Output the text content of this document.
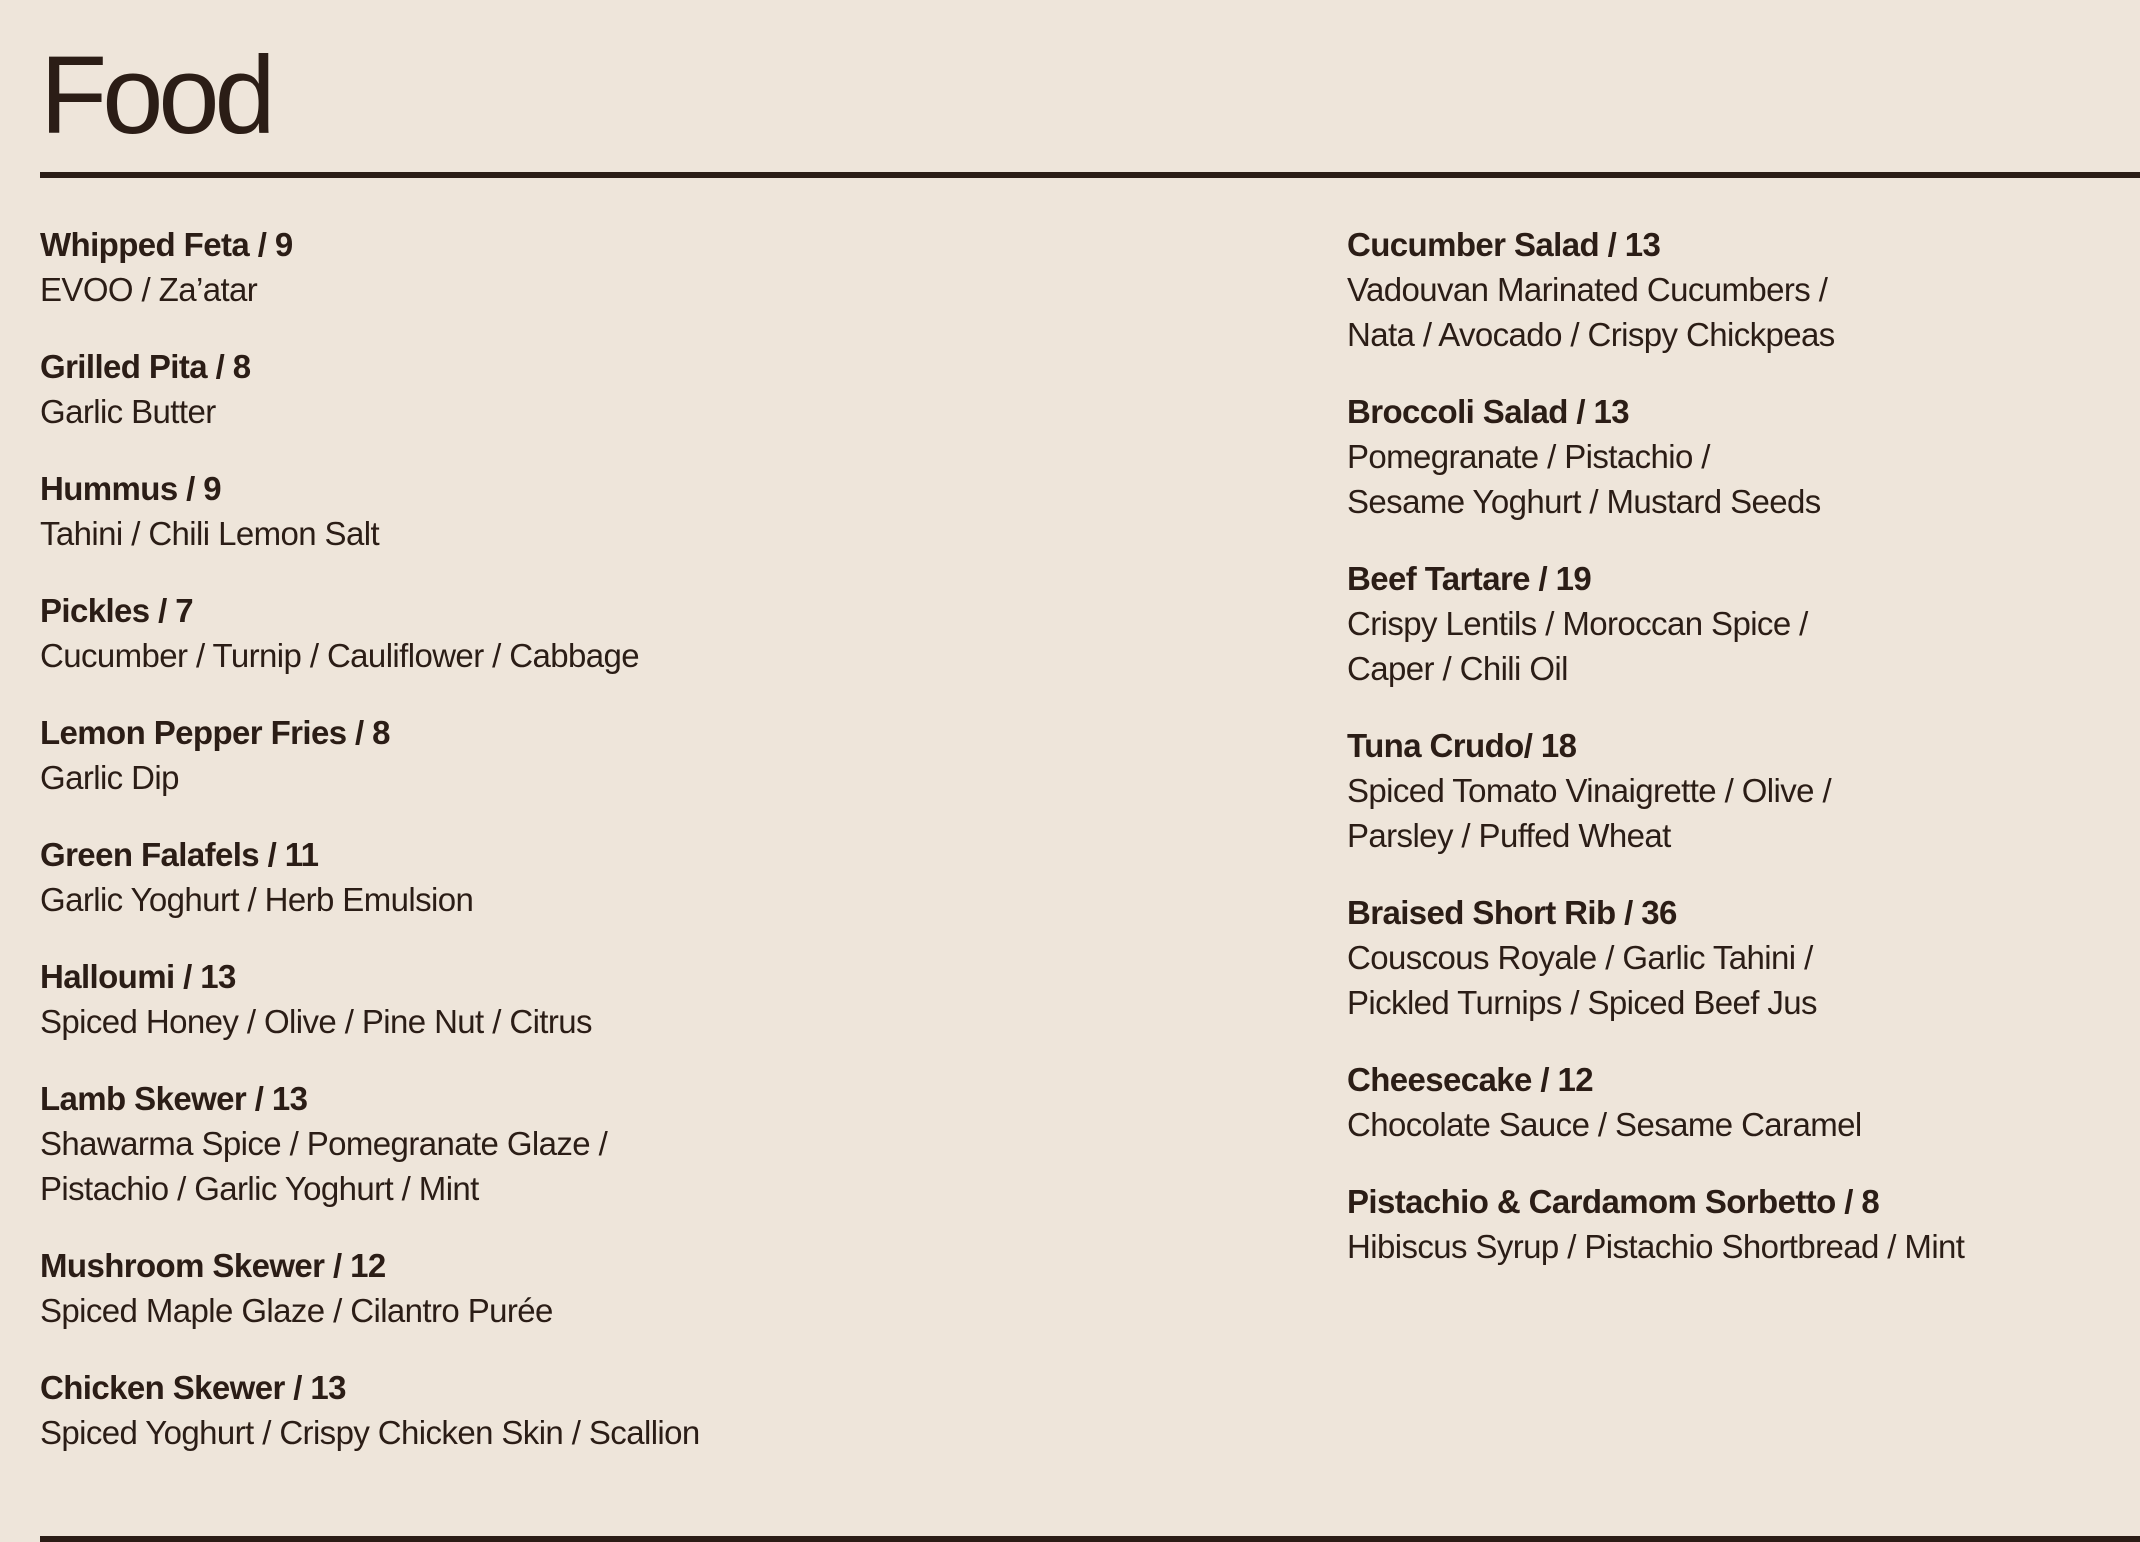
Food
Whipped Feta / 9
EVOO / Za’atar
Grilled Pita / 8
Garlic Butter
Hummus / 9
Tahini / Chili Lemon Salt
Pickles / 7
Cucumber / Turnip / Cauliflower / Cabbage
Lemon Pepper Fries / 8
Garlic Dip
Green Falafels / 11
Garlic Yoghurt / Herb Emulsion
Halloumi / 13
Spiced Honey / Olive / Pine Nut / Citrus
Lamb Skewer / 13
Shawarma Spice / Pomegranate Glaze /
Pistachio / Garlic Yoghurt / Mint
Mushroom Skewer / 12
Spiced Maple Glaze / Cilantro Purée
Chicken Skewer / 13
Spiced Yoghurt / Crispy Chicken Skin / Scallion
Cucumber Salad / 13
Vadouvan Marinated Cucumbers /
Nata / Avocado / Crispy Chickpeas
Broccoli Salad / 13
Pomegranate / Pistachio /
Sesame Yoghurt / Mustard Seeds
Beef Tartare / 19
Crispy Lentils / Moroccan Spice /
Caper / Chili Oil
Tuna Crudo/ 18
Spiced Tomato Vinaigrette / Olive /
Parsley / Puffed Wheat
Braised Short Rib / 36
Couscous Royale / Garlic Tahini /
Pickled Turnips / Spiced Beef Jus
Cheesecake / 12
Chocolate Sauce / Sesame Caramel
Pistachio & Cardamom Sorbetto / 8
Hibiscus Syrup / Pistachio Shortbread / Mint
